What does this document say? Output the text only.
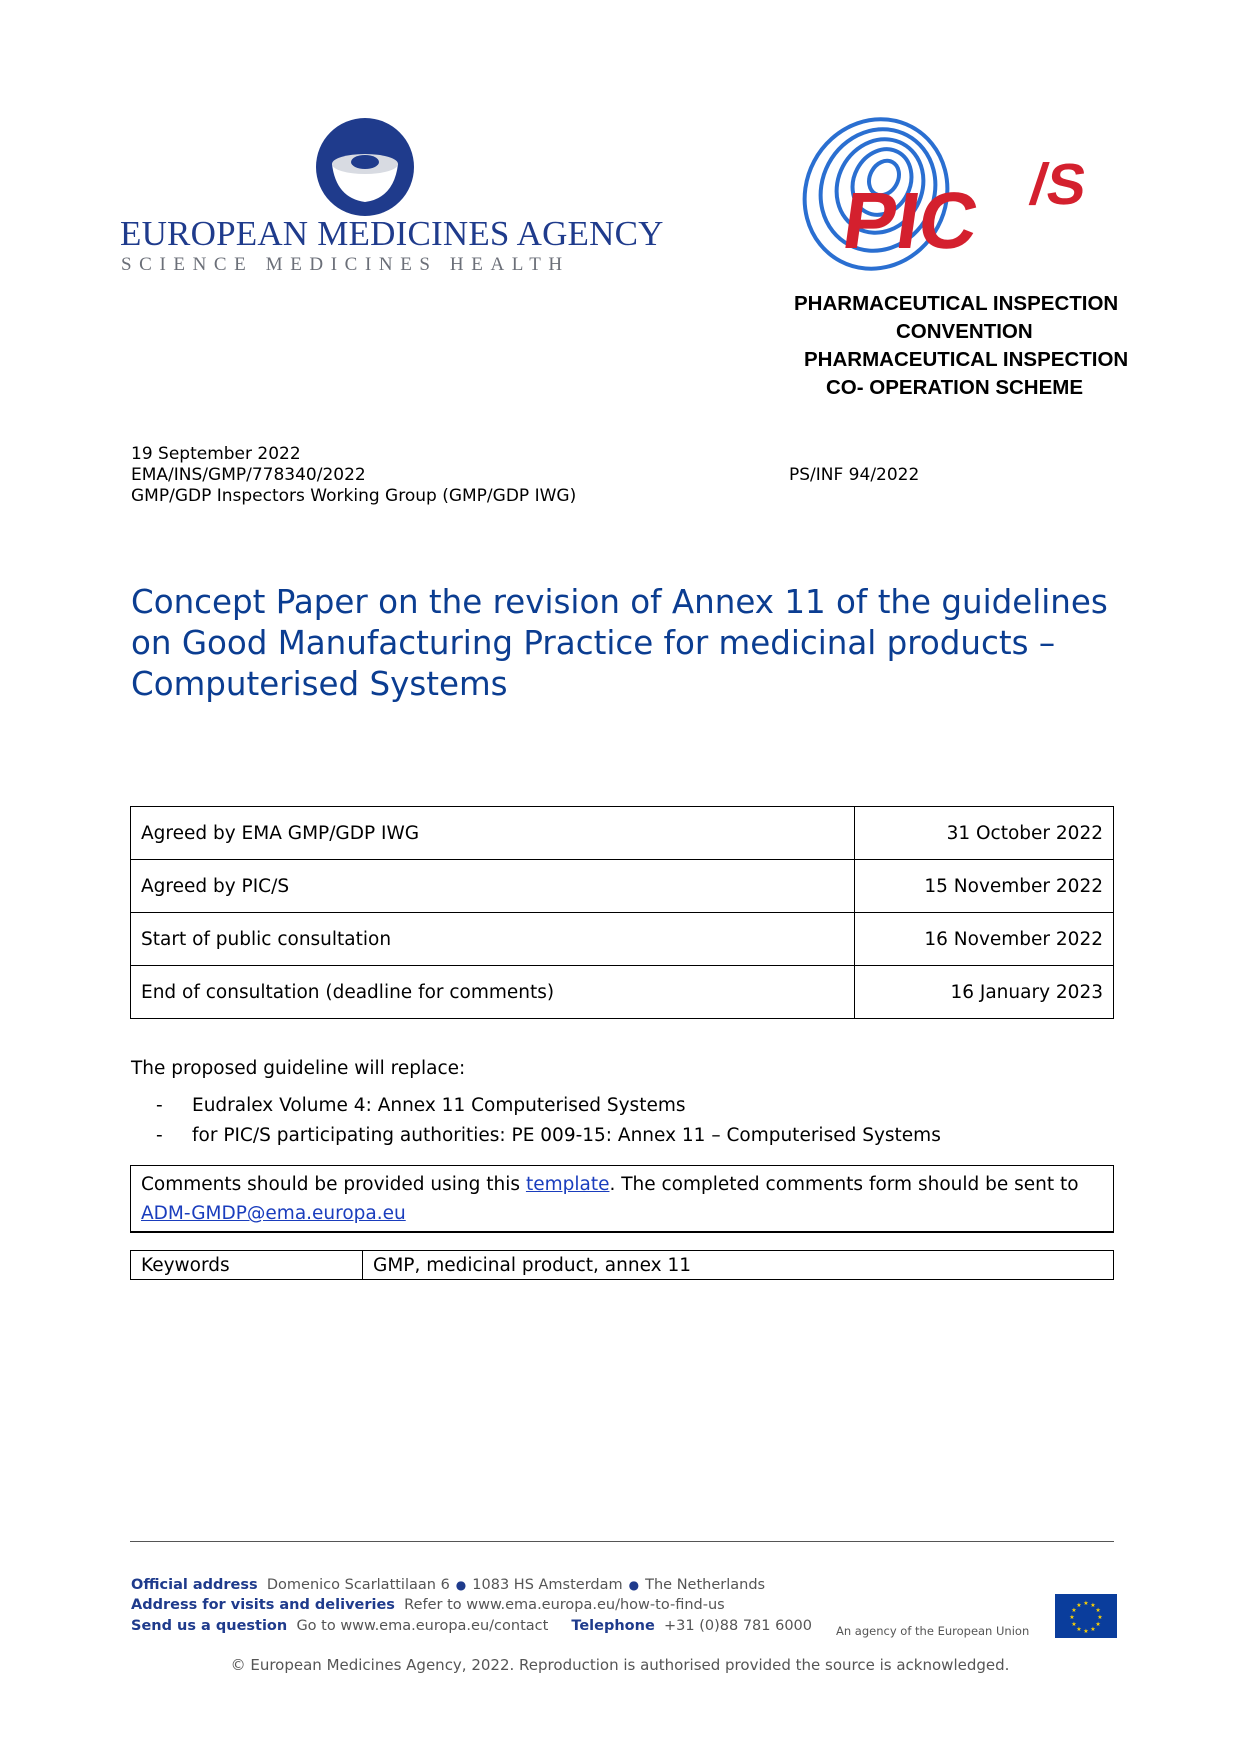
EUROPEAN MEDICINES AGENCY
SCIENCE MEDICINES HEALTH	PIC /S
PHARMACEUTICAL INSPECTION
CONVENTION
PHARMACEUTICAL INSPECTION
CO- OPERATION SCHEME
19 September 2022
EMA/INS/GMP/778340/2022
GMP/GDP Inspectors Working Group (GMP/GDP IWG)
PS/INF 94/2022
Concept Paper on the revision of Annex 11 of the guidelines on Good Manufacturing Practice for medicinal products – Computerised Systems
Agreed by EMA GMP/GDP IWG	31 October 2022
Agreed by PIC/S	15 November 2022
Start of public consultation	16 November 2022
End of consultation (deadline for comments)	16 January 2023
The proposed guideline will replace:
- Eudralex Volume 4: Annex 11 Computerised Systems
- for PIC/S participating authorities: PE 009-15: Annex 11 – Computerised Systems
Comments should be provided using this template. The completed comments form should be sent to
ADM-GMDP@ema.europa.eu
Keywords	GMP, medicinal product, annex 11
Official address Domenico Scarlattilaan 6 ● 1083 HS Amsterdam ● The Netherlands
Address for visits and deliveries Refer to www.ema.europa.eu/how-to-find-us
Send us a question Go to www.ema.europa.eu/contact Telephone +31 (0)88 781 6000 An agency of the European Union
★ ★
★
★
★
★
★
★
★
★
★
★
© European Medicines Agency, 2022. Reproduction is authorised provided the source is acknowledged.
